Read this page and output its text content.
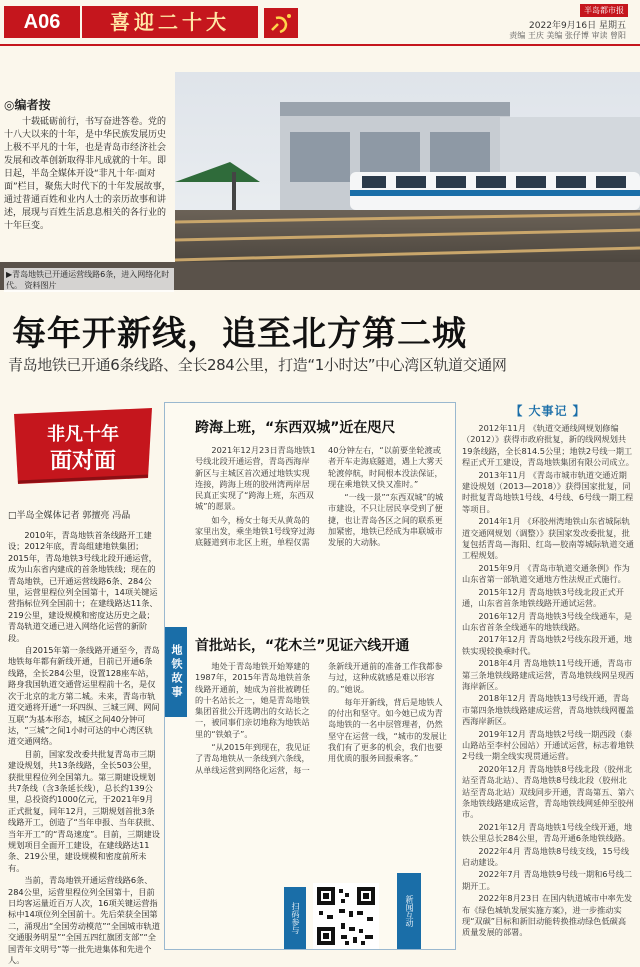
A06	喜迎二十大	半岛都市报
2022年9月16日 星期五
责编 王庆 美编 张仔博 审读 曾阳
◎编者按
十载砥砺前行，书写奋进答卷。党的十八大以来的十年，是中华民族发展历史上极不平凡的十年，也是青岛市经济社会发展和改革创新取得非凡成就的十年。即日起，半岛全媒体开设“非凡十年·面对面”栏目，聚焦大时代下的十年发展故事，通过普通百姓和业内人士的亲历故事和讲述，展现与百姓生活息息相关的各行业的十年巨变。
▶青岛地铁已开通运营线路6条，进入网络化时代。 资料图片
每年开新线，追至北方第二城
青岛地铁已开通6条线路、全长284公里，打造“1小时达”中心湾区轨道交通网
非凡十年
面对面
□半岛全媒体记者 郭擅亮 冯晶

2010年，青岛地铁首条线路开工建设；2012年底，青岛组建地铁集团；2015年，青岛地铁3号线北段开通运营，成为山东省内建成的首条地铁线；现在的青岛地铁，已开通运营线路6条、284公里，运营里程位列全国第十，14项关键运营指标位列全国前十；在建线路达11条、219公里，建设规模和密度达历史之最；青岛轨道交通已进入网络化运营的新阶段。

自2015年第一条线路开通至今，青岛地铁每年都有新线开通，目前已开通6条线路，全长284公里，设置128座车站，路身我国轨道交通营运里程前十名，是仅次于北京的北方第二城。未来，青岛市轨道交通将开通“一环四纵、三城三网、网间互联”为基本形态，城区之间40分钟可达，“三城”之间1小时可达的中心湾区轨道交通网络。

目前，国家发改委共批复青岛市三期建设规划，共13条线路，全长503公里，获批里程位列全国第九。第三期建设规划共7条线（含3条延长线），总长约139公里，总投资约1000亿元，于2021年9月正式批复，同年12月，三期规划首批3条线路开工，创造了“当年申报、当年获批、当年开工”的“青岛速度”。目前，三期建设规划项目全面开工建设，在建线路达11条、219公里，建设规模和密度前所未有。

当前，青岛地铁开通运营线路6条、284公里，运营里程位列全国第十，目前日均客运量近百万人次，16项关键运营指标中14项位列全国前十。先后荣获全国第二，涌现出“全国劳动模范”“全国城市轨道交通服务明星”“全国五四红旗团支部”“全国青年文明号”等一批先进集体和先进个人。

跨海上班，“东西双城”近在咫尺

2021年12月23日青岛地铁1号线北段开通运营，青岛西海岸新区与主城区首次通过地铁实现连接，跨海上班的胶州湾两岸居民真正实现了“跨海上班，东西双城”的愿景。

如今，杨女士每天从黄岛的家里出发，乘坐地铁1号线穿过海底隧道到市北区上班，单程仅需40分钟左右，“以前要坐轮渡或者开车走海底隧道，遇上大雾天轮渡停航，时间根本没法保证，现在乘地铁又快又准时。”

“一线一景”“东西双城”的城市建设，不只让居民享受到了便捷，也让青岛各区之间的联系更加紧密，地铁已经成为串联城市发展的大动脉。

地铁故事 首批站长，“花木兰”见证六线开通

地处于青岛地铁开始筹建的1987年，2015年青岛地铁首条线路开通前，她成为首批被聘任的十名站长之一，她是青岛地铁集团首批公开选聘出的女站长之一，被同事们亲切地称为地铁站里的“铁娘子”。

“从2015年到现在，我见证了青岛地铁从一条线到六条线，从单线运营到网络化运营，每一条新线开通前的准备工作我都参与过，这种成就感是难以形容的。”她说。

每年开新线，背后是地铁人的付出和坚守。如今她已成为青岛地铁的一名中层管理者，仍然坚守在运营一线，“城市的发展让我们有了更多的机会，我们也要用优质的服务回报乘客。”

扫码参与	新闻互动
【 大事记 】

2012年11月 《轨道交通线网规划修编（2012）》获得市政府批复，新的线网规划共19条线路，全长814.5公里；地铁2号线一期工程正式开工建设，青岛地铁集团有限公司成立。

2013年11月 《青岛市城市轨道交通近期建设规划（2013—2018）》获得国家批复，同时批复青岛地铁1号线、4号线、6号线一期工程等项目。

2014年1月 《环胶州湾地铁山东省城际轨道交通网规划（调整）》获国家发改委批复，批复包括青岛—海阳、红岛—胶南等城际轨道交通工程规划。

2015年9月 《青岛市轨道交通条例》作为山东省第一部轨道交通地方性法规正式施行。

2015年12月 青岛地铁3号线北段正式开通，山东省首条地铁线路开通试运营。

2016年12月 青岛地铁3号线全线通车，是山东省首条全线通车的地铁线路。

2017年12月 青岛地铁2号线东段开通，地铁实现较换乘时代。

2018年4月 青岛地铁11号线开通，青岛市第三条地铁线路建成运营，青岛地铁线网呈现西海岸新区。

2018年12月 青岛地铁13号线开通，青岛市第四条地铁线路建成运营，青岛地铁线网覆盖西海岸新区。

2019年12月 青岛地铁2号线一期西段（泰山路站至李村公园站）开通试运营，标志着地铁2号线一期全线实现贯通运营。

2020年12月 青岛地铁8号线北段（胶州北站至青岛北站）、青岛地铁8号线北段（胶州北站至青岛北站）双线同步开通，青岛第五、第六条地铁线路建成运营，青岛地铁线网延伸至胶州市。

2021年12月 青岛地铁1号线全线开通，地铁公里总长284公里，青岛开通6条地铁线路。

2022年4月 青岛地铁8号线支线，15号线启动建设。

2022年7月 青岛地铁9号线一期和6号线二期开工。

2022年8月23日 在国内轨道城市中率先发布《绿色城轨发展实施方案》，进一步推动实现“双碳”目标和新旧动能转换推动绿色低碳高质量发展的部署。
